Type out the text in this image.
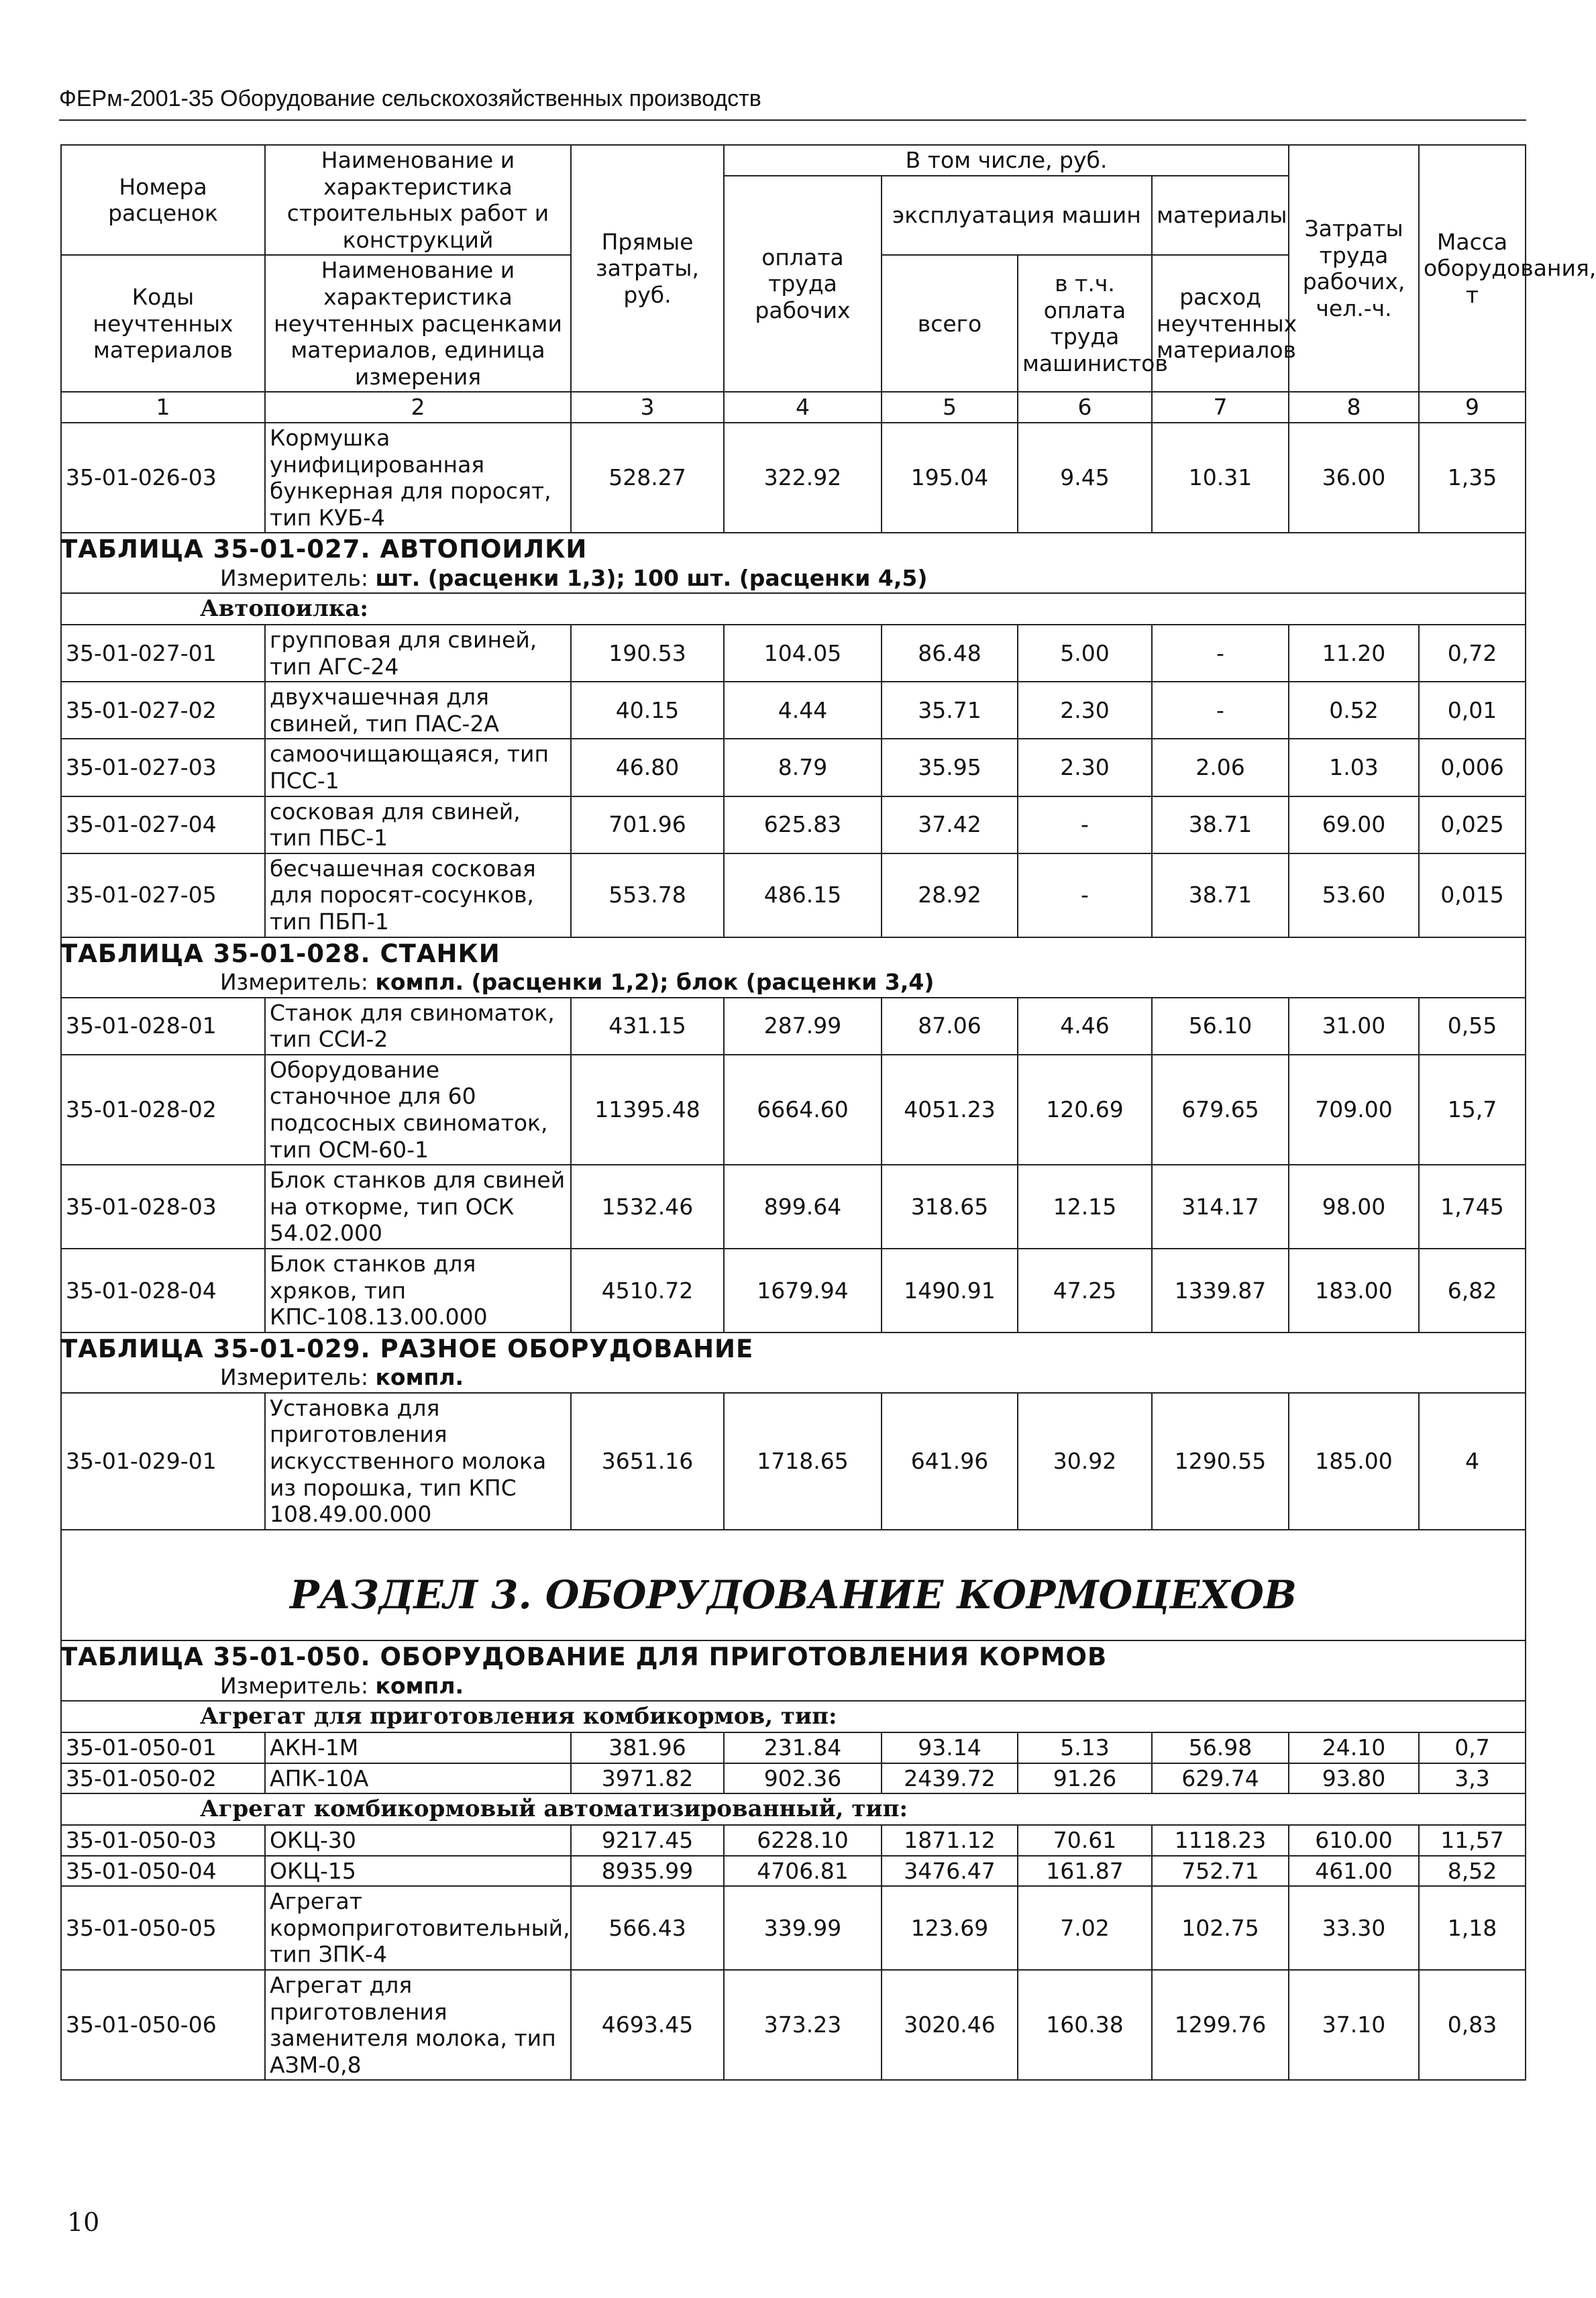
ФЕРм-2001-35 Оборудование сельскохозяйственных производств
Номера расценок	Наименование и характеристика строительных работ и конструкций	Прямые затраты, руб.	В том числе, руб.				Затраты труда рабочих, чел.-ч.	Масса оборудования, т
			оплата труда рабочих	эксплуатация машин		материалы		
Коды неучтенных материалов	Наименование и характеристика неучтенных расценками материалов, единица измерения			всего	в т.ч. оплата труда машинистов	расход неучтенных материалов		

1	2	3	4	5	6	7	8	9
35-01-026-03	Кормушка унифицированная бункерная для поросят, тип КУБ-4	528.27	322.92	195.04	9.45	10.31	36.00	1,35

ТАБЛИЦА 35-01-027. АВТОПОИЛКИ
Измеритель: шт. (расценки 1,3); 100 шт. (расценки 4,5)								

Автопоилка:								

35-01-027-01	групповая для свиней, тип АГС-24	190.53	104.05	86.48	5.00	-	11.20	0,72
35-01-027-02	двухчашечная для свиней, тип ПАС-2А	40.15	4.44	35.71	2.30	-	0.52	0,01
35-01-027-03	самоочищающаяся, тип ПСС-1	46.80	8.79	35.95	2.30	2.06	1.03	0,006
35-01-027-04	сосковая для свиней, тип ПБС-1	701.96	625.83	37.42	-	38.71	69.00	0,025
35-01-027-05	бесчашечная сосковая для поросят-сосунков, тип ПБП-1	553.78	486.15	28.92	-	38.71	53.60	0,015

ТАБЛИЦА 35-01-028. СТАНКИ
Измеритель: компл. (расценки 1,2); блок (расценки 3,4)								

35-01-028-01	Станок для свиноматок, тип ССИ-2	431.15	287.99	87.06	4.46	56.10	31.00	0,55
35-01-028-02	Оборудование станочное для 60 подсосных свиноматок, тип ОСМ-60-1	11395.48	6664.60	4051.23	120.69	679.65	709.00	15,7
35-01-028-03	Блок станков для свиней на откорме, тип ОСК 54.02.000	1532.46	899.64	318.65	12.15	314.17	98.00	1,745
35-01-028-04	Блок станков для хряков, тип КПС-108.13.00.000	4510.72	1679.94	1490.91	47.25	1339.87	183.00	6,82

ТАБЛИЦА 35-01-029. РАЗНОЕ ОБОРУДОВАНИЕ
Измеритель: компл.								

35-01-029-01	Установка для приготовления искусственного молока из порошка, тип КПС 108.49.00.000	3651.16	1718.65	641.96	30.92	1290.55	185.00	4

РАЗДЕЛ 3. ОБОРУДОВАНИЕ КОРМОЦЕХОВ								

ТАБЛИЦА 35-01-050. ОБОРУДОВАНИЕ ДЛЯ ПРИГОТОВЛЕНИЯ КОРМОВ
Измеритель: компл.								

Агрегат для приготовления комбикормов, тип:								

35-01-050-01	АКН-1М	381.96	231.84	93.14	5.13	56.98	24.10	0,7
35-01-050-02	АПК-10А	3971.82	902.36	2439.72	91.26	629.74	93.80	3,3

Агрегат комбикормовый автоматизированный, тип:								

35-01-050-03	ОКЦ-30	9217.45	6228.10	1871.12	70.61	1118.23	610.00	11,57
35-01-050-04	ОКЦ-15	8935.99	4706.81	3476.47	161.87	752.71	461.00	8,52
35-01-050-05	Агрегат кормоприготовительный, тип ЗПК-4	566.43	339.99	123.69	7.02	102.75	33.30	1,18
35-01-050-06	Агрегат для приготовления заменителя молока, тип АЗМ-0,8	4693.45	373.23	3020.46	160.38	1299.76	37.10	0,83
10
